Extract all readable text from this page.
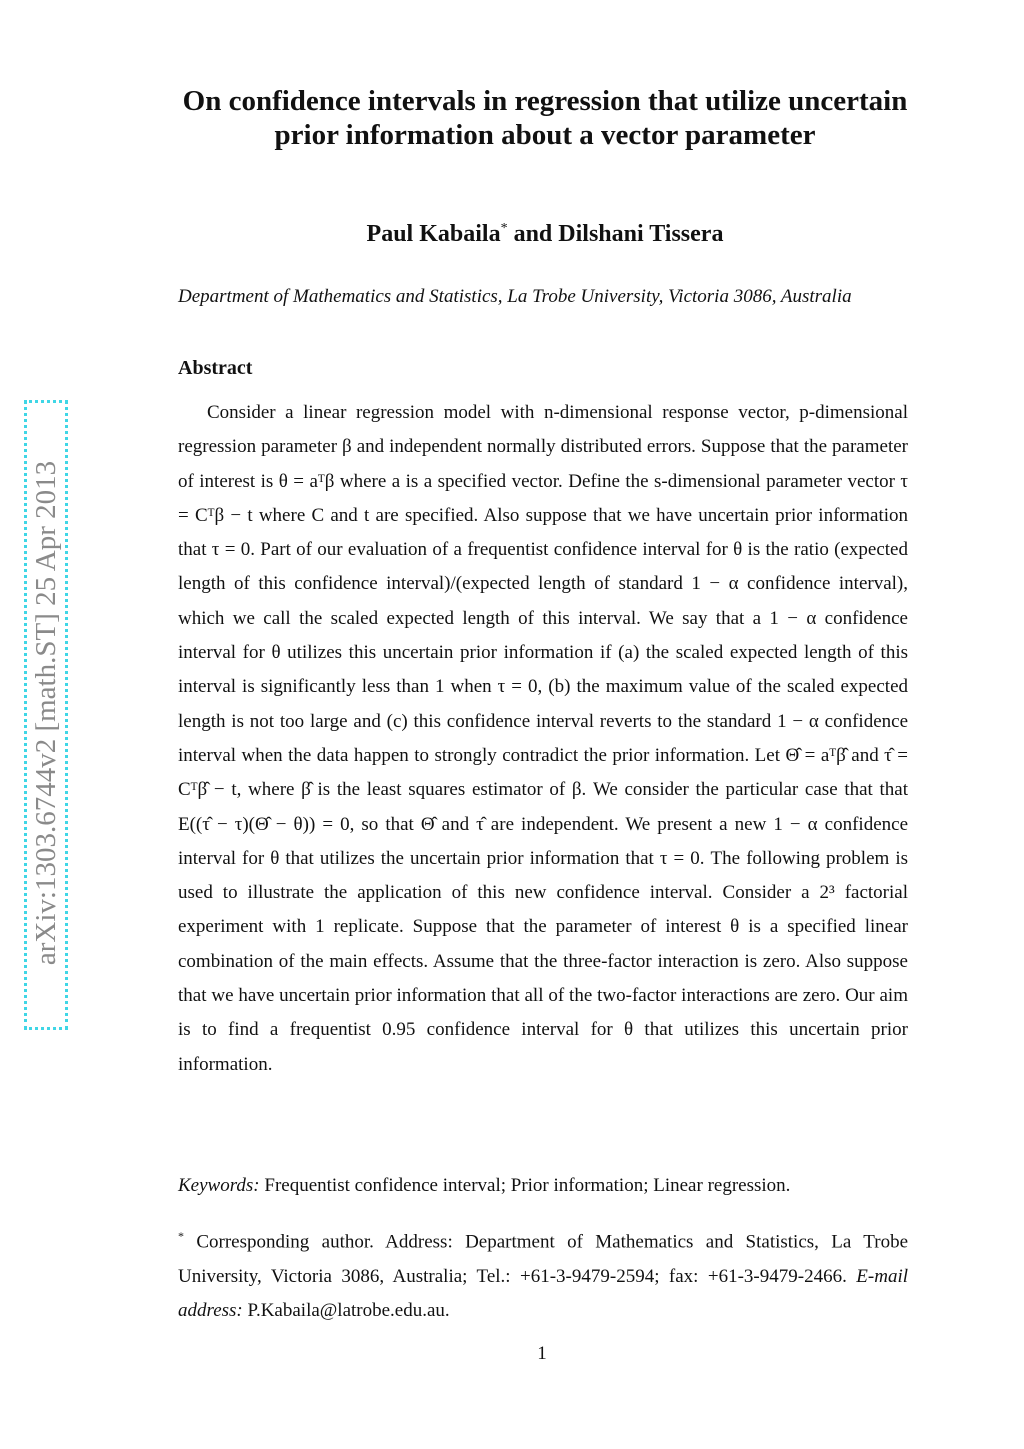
On confidence intervals in regression that utilize uncertain prior information about a vector parameter
Paul Kabaila* and Dilshani Tissera
Department of Mathematics and Statistics, La Trobe University, Victoria 3086, Australia
Abstract
Consider a linear regression model with n-dimensional response vector, p-dimensional regression parameter β and independent normally distributed errors. Suppose that the parameter of interest is θ = aᵀβ where a is a specified vector. Define the s-dimensional parameter vector τ = Cᵀβ − t where C and t are specified. Also suppose that we have uncertain prior information that τ = 0. Part of our evaluation of a frequentist confidence interval for θ is the ratio (expected length of this confidence interval)/(expected length of standard 1 − α confidence interval), which we call the scaled expected length of this interval. We say that a 1 − α confidence interval for θ utilizes this uncertain prior information if (a) the scaled expected length of this interval is significantly less than 1 when τ = 0, (b) the maximum value of the scaled expected length is not too large and (c) this confidence interval reverts to the standard 1 − α confidence interval when the data happen to strongly contradict the prior information. Let Θ̂ = aᵀβ̂ and τ̂ = Cᵀβ̂ − t, where β̂ is the least squares estimator of β. We consider the particular case that that E((τ̂ − τ)(Θ̂ − θ)) = 0, so that Θ̂ and τ̂ are independent. We present a new 1 − α confidence interval for θ that utilizes the uncertain prior information that τ = 0. The following problem is used to illustrate the application of this new confidence interval. Consider a 2³ factorial experiment with 1 replicate. Suppose that the parameter of interest θ is a specified linear combination of the main effects. Assume that the three-factor interaction is zero. Also suppose that we have uncertain prior information that all of the two-factor interactions are zero. Our aim is to find a frequentist 0.95 confidence interval for θ that utilizes this uncertain prior information.
Keywords: Frequentist confidence interval; Prior information; Linear regression.
* Corresponding author. Address: Department of Mathematics and Statistics, La Trobe University, Victoria 3086, Australia; Tel.: +61-3-9479-2594; fax: +61-3-9479-2466. E-mail address: P.Kabaila@latrobe.edu.au.
1
arXiv:1303.6744v2 [math.ST] 25 Apr 2013
